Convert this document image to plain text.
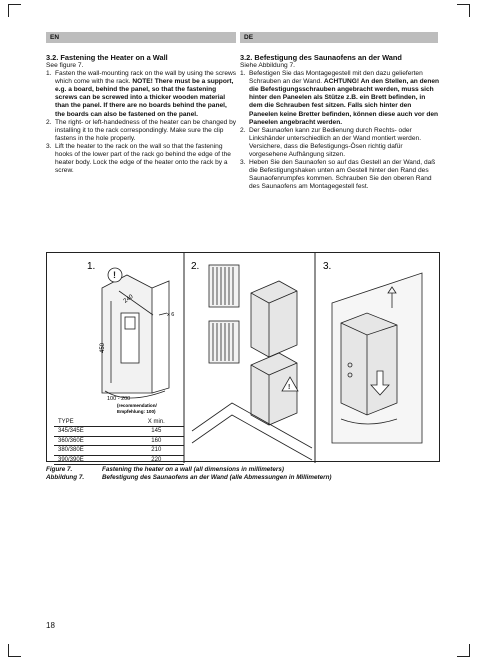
EN	DE
3.2. Fastening the Heater on a Wall

See figure 7.

1. Fasten the wall-mounting rack on the wall by using the screws which come with the rack. NOTE! There must be a support, e.g. a board, behind the panel, so that the fastening screws can be screwed into a thicker wooden material than the panel. If there are no boards behind the panel, the boards can also be fastened on the panel.
2. The right- or left-handedness of the heater can be changed by installing it to the rack correspondingly. Make sure the clip fastens in the hole properly.
3. Lift the heater to the rack on the wall so that the fastening hooks of the lower part of the rack go behind the edge of the heater body. Lock the edge of the heater onto the rack by a screw.
3.2. Befestigung des Saunaofens an der Wand

Siehe Abbildung 7.

1. Befestigen Sie das Montagegestell mit den dazu gelieferten Schrauben an der Wand. ACHTUNG! An den Stellen, an denen die Befestigungsschrauben angebracht werden, muss sich hinter den Paneelen als Stütze z.B. ein Brett befinden, in dem die Schrauben fest sitzen. Falls sich hinter den Paneelen keine Bretter befinden, können diese auch vor den Paneelen angebracht werden.
2. Der Saunaofen kann zur Bedienung durch Rechts- oder Linkshänder unterschiedlich an der Wand montiert werden. Versichere, dass die Befestigungs-Ösen richtig dafür vorgesehene Aufhängung sitzen.
3. Heben Sie den Saunaofen so auf das Gestell an der Wand, daß die Befestigungshaken unten am Gestell hinter den Rand des Saunaofenrumpfes kommen. Schrauben Sie den oberen Rand des Saunaofens am Montagegestell fest.
1.	2.	3.
!
240
450
x 6
100 - 200
(recommendation/
Empfehlung: 100)
!
TYPE	X min.
345/345E	145
360/360E	160
380/380E	210
390/390E	220
Figure 7.	Fastening the heater on a wall (all dimensions in millimeters)
Abbildung 7.	Befestigung des Saunaofens an der Wand (alle Abmessungen in Millimetern)
18
